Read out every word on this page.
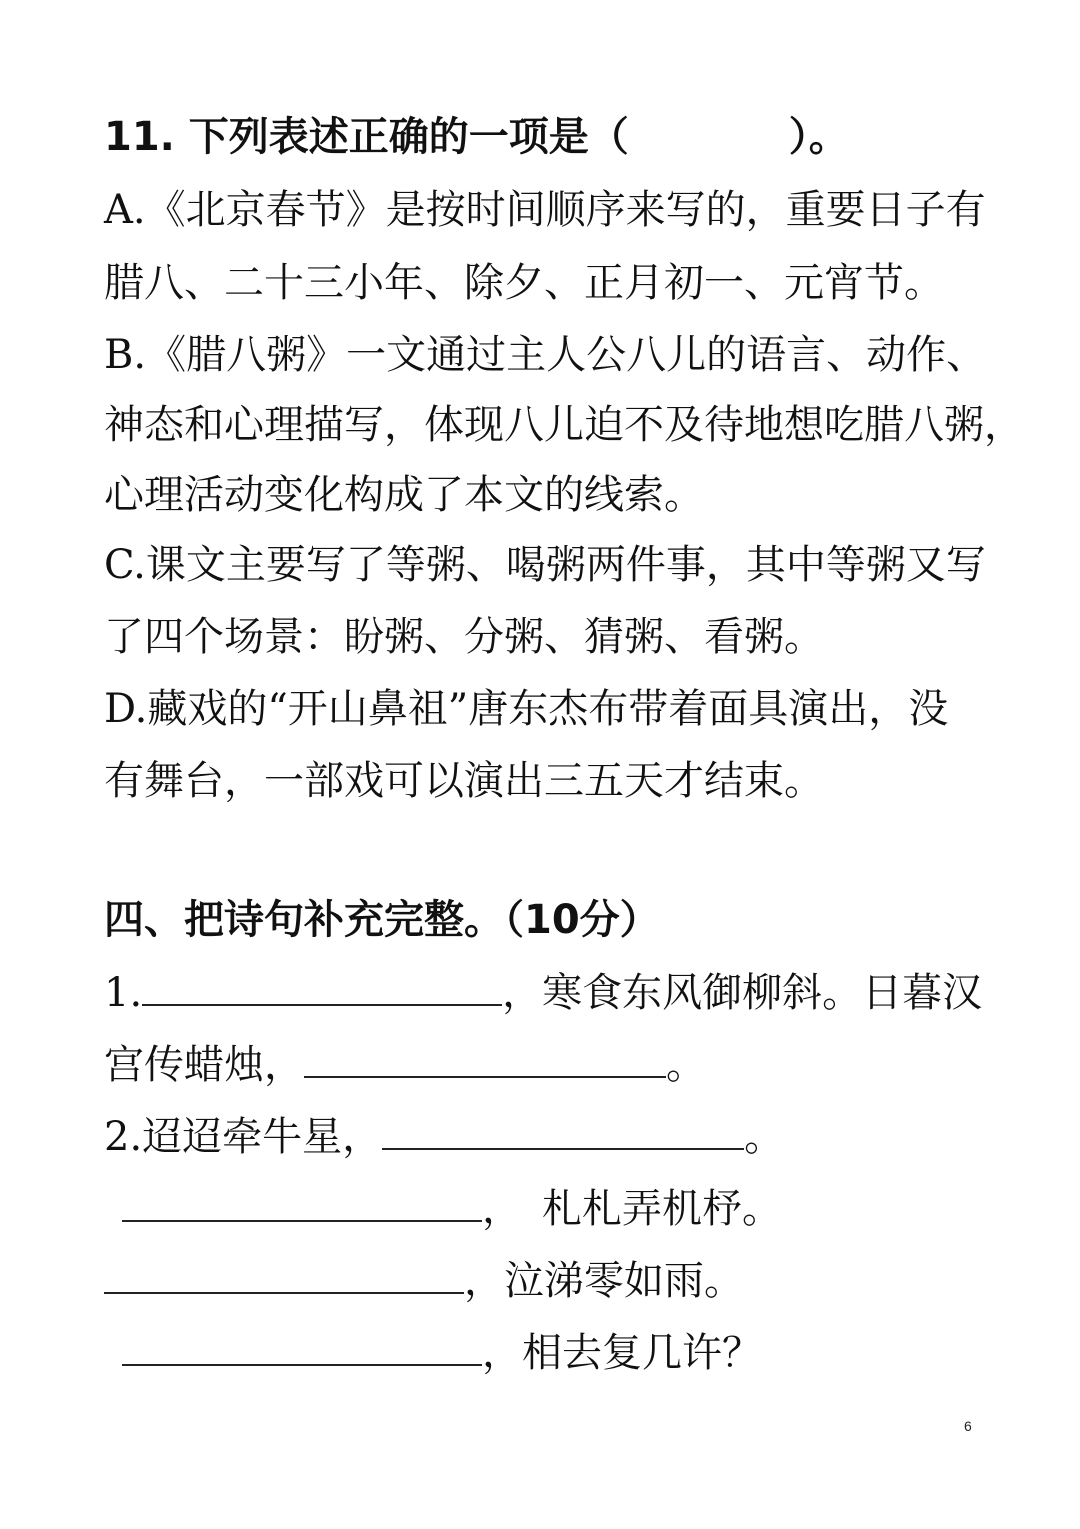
11. 下列表述正确的一项是（　　　　）。
A.《北京春节》是按时间顺序来写的，重要日子有
腊八、二十三小年、除夕、正月初一、元宵节。
B.《腊八粥》一文通过主人公八儿的语言、动作、
神态和心理描写，体现八儿迫不及待地想吃腊八粥，
心理活动变化构成了本文的线索。
C.课文主要写了等粥、喝粥两件事，其中等粥又写
了四个场景：盼粥、分粥、猜粥、看粥。
D.藏戏的“开山鼻祖”唐东杰布带着面具演出，没
有舞台，一部戏可以演出三五天才结束。
四、把诗句补充完整。（10分）
1.	，寒食东风御柳斜。日暮汉
宫传蜡烛，	。
2.迢迢牵牛星，	。
，　札札弄机杼。
，泣涕零如雨。
，相去复几许？
6
